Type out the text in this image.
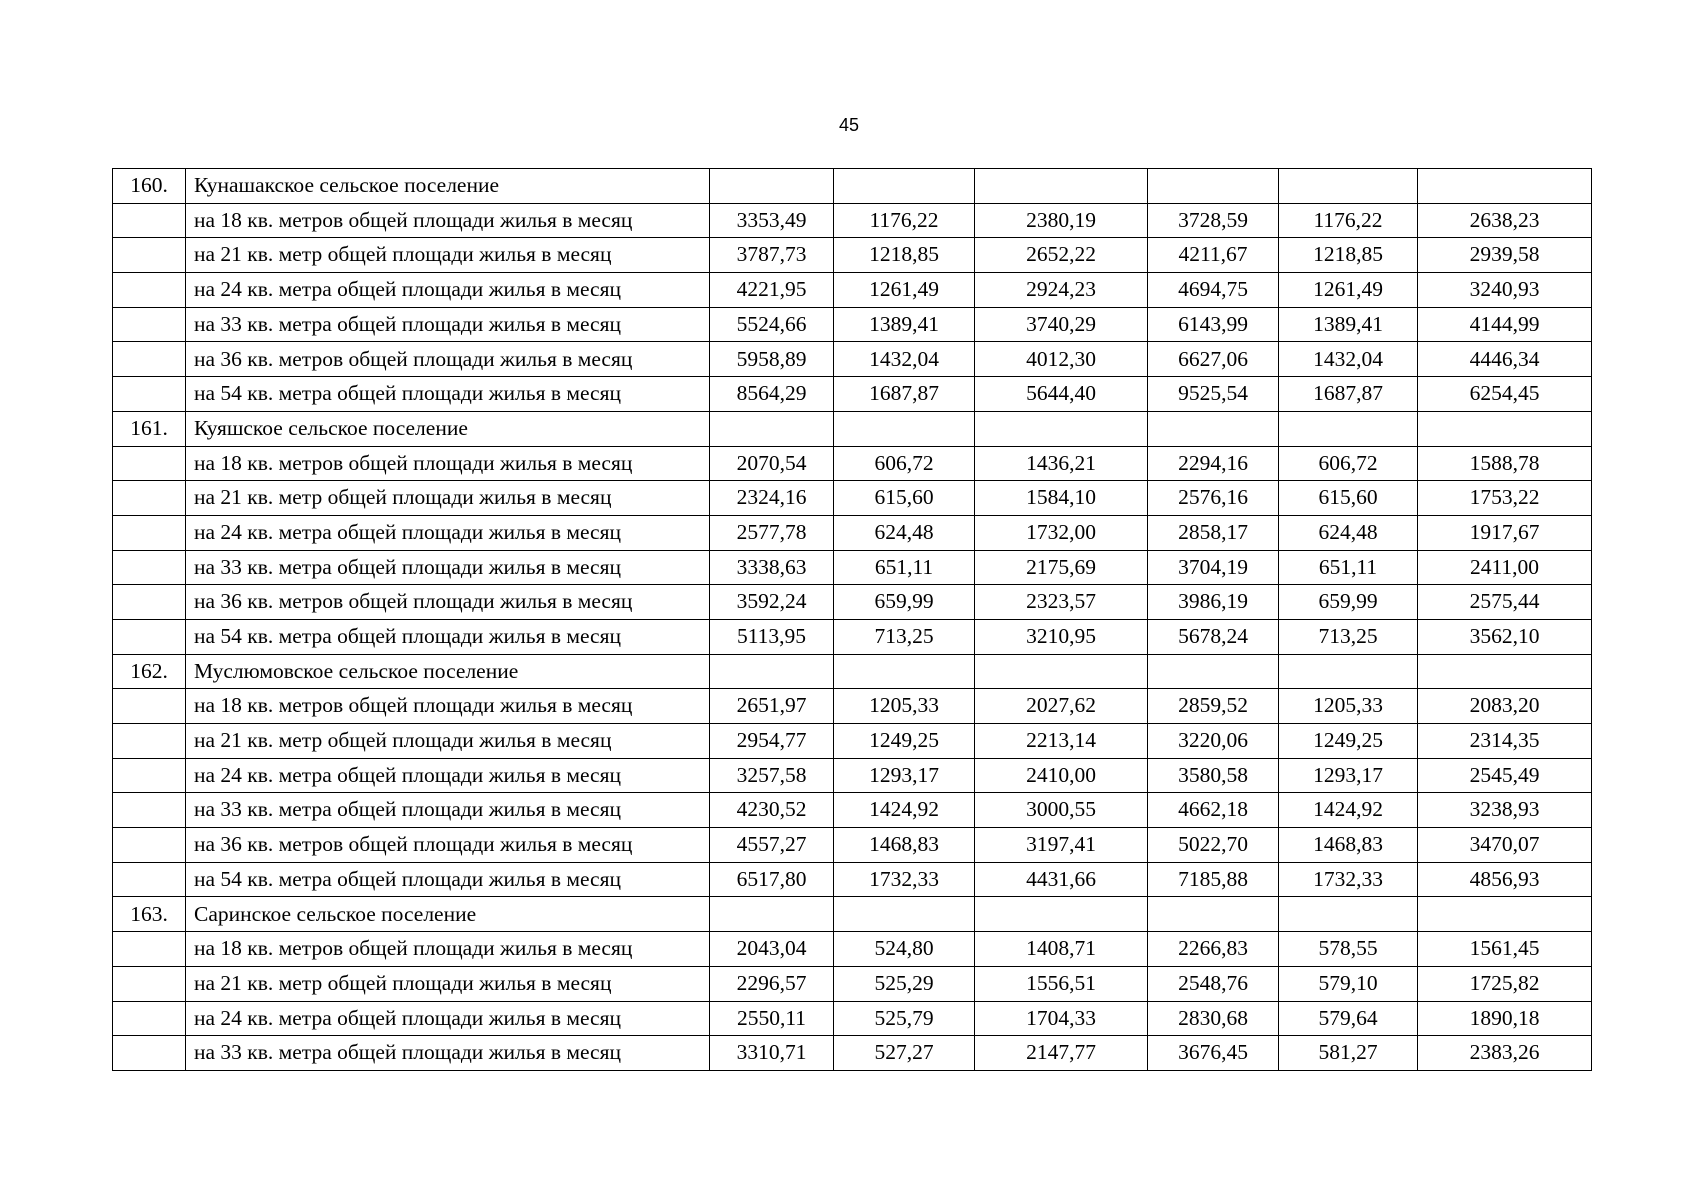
45
160.	Кунашакское сельское поселение						
	на 18 кв. метров общей площади жилья в месяц	3353,49	1176,22	2380,19	3728,59	1176,22	2638,23
	на 21 кв. метр общей площади жилья в месяц	3787,73	1218,85	2652,22	4211,67	1218,85	2939,58
	на 24 кв. метра общей площади жилья в месяц	4221,95	1261,49	2924,23	4694,75	1261,49	3240,93
	на 33 кв. метра общей площади жилья в месяц	5524,66	1389,41	3740,29	6143,99	1389,41	4144,99
	на 36 кв. метров общей площади жилья в месяц	5958,89	1432,04	4012,30	6627,06	1432,04	4446,34
	на 54 кв. метра общей площади жилья в месяц	8564,29	1687,87	5644,40	9525,54	1687,87	6254,45
161.	Куяшское сельское поселение						
	на 18 кв. метров общей площади жилья в месяц	2070,54	606,72	1436,21	2294,16	606,72	1588,78
	на 21 кв. метр общей площади жилья в месяц	2324,16	615,60	1584,10	2576,16	615,60	1753,22
	на 24 кв. метра общей площади жилья в месяц	2577,78	624,48	1732,00	2858,17	624,48	1917,67
	на 33 кв. метра общей площади жилья в месяц	3338,63	651,11	2175,69	3704,19	651,11	2411,00
	на 36 кв. метров общей площади жилья в месяц	3592,24	659,99	2323,57	3986,19	659,99	2575,44
	на 54 кв. метра общей площади жилья в месяц	5113,95	713,25	3210,95	5678,24	713,25	3562,10
162.	Муслюмовское сельское поселение						
	на 18 кв. метров общей площади жилья в месяц	2651,97	1205,33	2027,62	2859,52	1205,33	2083,20
	на 21 кв. метр общей площади жилья в месяц	2954,77	1249,25	2213,14	3220,06	1249,25	2314,35
	на 24 кв. метра общей площади жилья в месяц	3257,58	1293,17	2410,00	3580,58	1293,17	2545,49
	на 33 кв. метра общей площади жилья в месяц	4230,52	1424,92	3000,55	4662,18	1424,92	3238,93
	на 36 кв. метров общей площади жилья в месяц	4557,27	1468,83	3197,41	5022,70	1468,83	3470,07
	на 54 кв. метра общей площади жилья в месяц	6517,80	1732,33	4431,66	7185,88	1732,33	4856,93
163.	Саринское сельское поселение						
	на 18 кв. метров общей площади жилья в месяц	2043,04	524,80	1408,71	2266,83	578,55	1561,45
	на 21 кв. метр общей площади жилья в месяц	2296,57	525,29	1556,51	2548,76	579,10	1725,82
	на 24 кв. метра общей площади жилья в месяц	2550,11	525,79	1704,33	2830,68	579,64	1890,18
	на 33 кв. метра общей площади жилья в месяц	3310,71	527,27	2147,77	3676,45	581,27	2383,26
